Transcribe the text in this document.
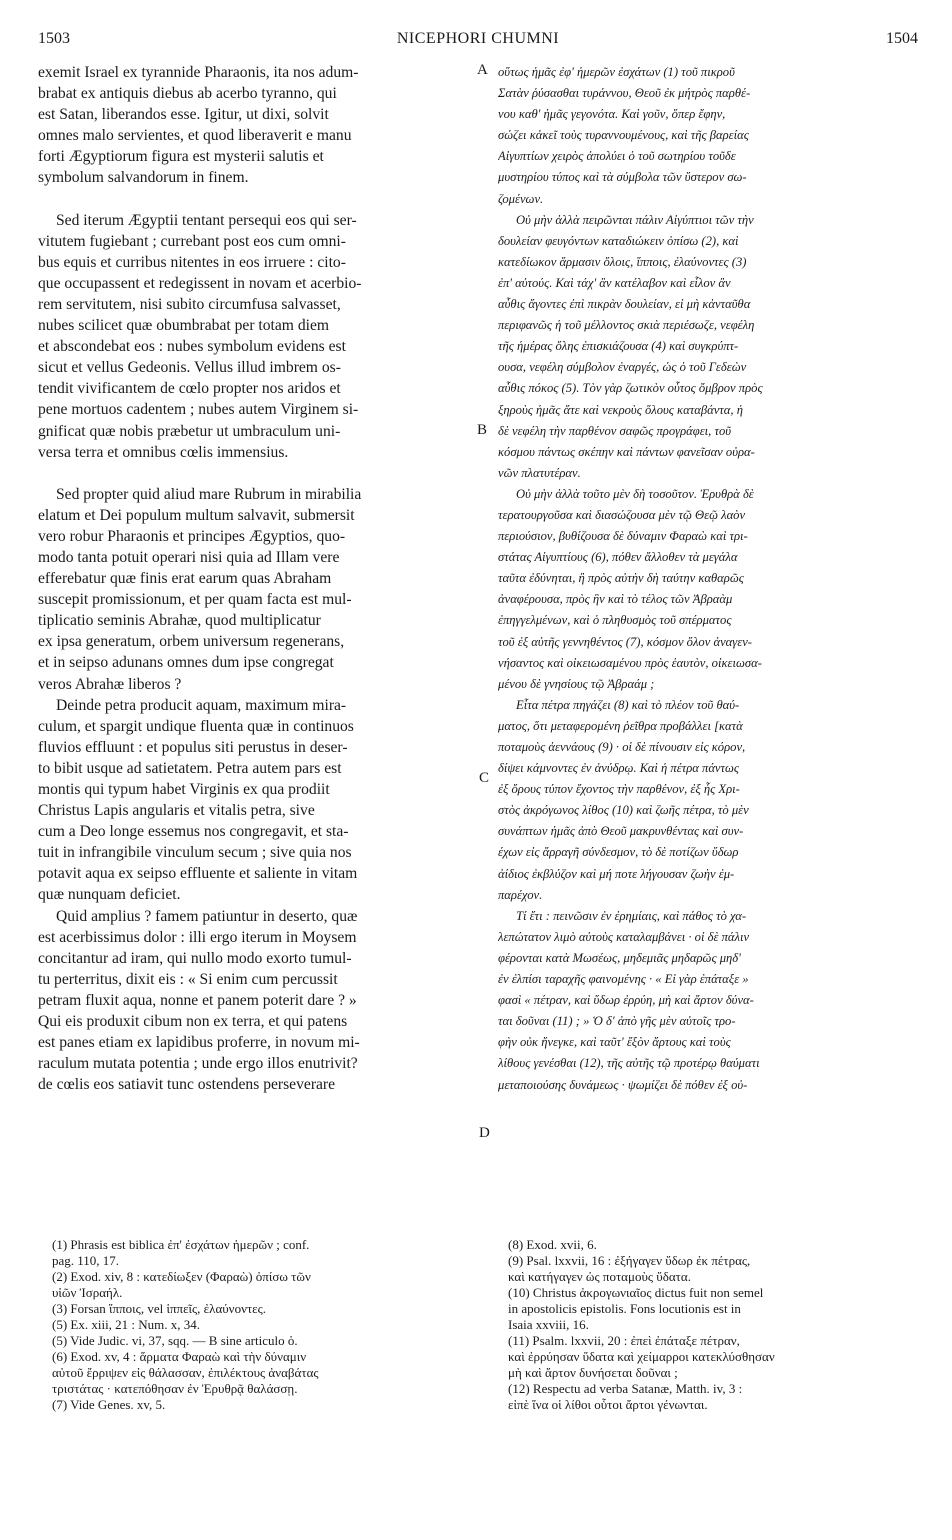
1503	NICEPHORI CHUMNI	1504
A
B
C
D
exemit Israel ex tyrannide Pharaonis, ita nos adum-
brabat ex antiquis diebus ab acerbo tyranno, qui
est Satan, liberandos esse. Igitur, ut dixi, solvit
omnes malo servientes, et quod liberaverit e manu
forti Ægyptiorum figura est mysterii salutis et
symbolum salvandorum in finem.
Sed iterum Ægyptii tentant persequi eos qui ser-
vitutem fugiebant ; currebant post eos cum omni-
bus equis et curribus nitentes in eos irruere : cito-
que occupassent et redegissent in novam et acerbio-
rem servitutem, nisi subito circumfusa salvasset,
nubes scilicet quæ obumbrabat per totam diem
et abscondebat eos : nubes symbolum evidens est
sicut et vellus Gedeonis. Vellus illud imbrem os-
tendit vivificantem de cœlo propter nos aridos et
pene mortuos cadentem ; nubes autem Virginem si-
gnificat quæ nobis præbetur ut umbraculum uni-
versa terra et omnibus cœlis immensius.
Sed propter quid aliud mare Rubrum in mirabilia
elatum et Dei populum multum salvavit, submersit
vero robur Pharaonis et principes Ægyptios, quo-
modo tanta potuit operari nisi quia ad Illam vere
efferebatur quæ finis erat earum quas Abraham
suscepit promissionum, et per quam facta est mul-
tiplicatio seminis Abrahæ, quod multiplicatur
ex ipsa generatum, orbem universum regenerans,
et in seipso adunans omnes dum ipse congregat
veros Abrahæ liberos ?
Deinde petra producit aquam, maximum mira-
culum, et spargit undique fluenta quæ in continuos
fluvios effluunt : et populus siti perustus in deser-
to bibit usque ad satietatem. Petra autem pars est
montis qui typum habet Virginis ex qua prodiit
Christus Lapis angularis et vitalis petra, sive
cum a Deo longe essemus nos congregavit, et sta-
tuit in infrangibile vinculum secum ; sive quia nos
potavit aqua ex seipso effluente et saliente in vitam
quæ nunquam deficiet.
Quid amplius ? famem patiuntur in deserto, quæ
est acerbissimus dolor : illi ergo iterum in Moysem
concitantur ad iram, qui nullo modo exorto tumul-
tu perterritus, dixit eis : « Si enim cum percussit
petram fluxit aqua, nonne et panem poterit dare ? »
Qui eis produxit cibum non ex terra, et qui patens
est panes etiam ex lapidibus proferre, in novum mi-
raculum mutata potentia ; unde ergo illos enutrivit?
de cœlis eos satiavit tunc ostendens perseverare
οὕτως ἡμᾶς ἐφ' ἡμερῶν ἐσχάτων (1) τοῦ πικροῦ
Σατὰν ῥύσασθαι τυράννου, Θεοῦ ἐκ μήτρὸς παρθέ-
νου καθ' ἡμᾶς γεγονότα. Καὶ γοῦν, ὅπερ ἔφην,
σώζει κἀκεῖ τοὺς τυραννουμένους, καὶ τῆς βαρείας
Αἰγυπτίων χειρὸς ἀπολύει ὁ τοῦ σωτηρίου τοῦδε
μυστηρίου τύπος καὶ τὰ σύμβολα τῶν ὕστερον σω-
ζομένων.
Οὐ μὴν ἀλλὰ πειρῶνται πάλιν Αἰγύπτιοι τῶν τὴν
δουλείαν φευγόντων καταδιώκειν ὀπίσω (2), καὶ
κατεδίωκον ἅρμασιν ὅλοις, ἵπποις, ἐλαύνοντες (3)
ἐπ' αὐτούς. Καὶ τάχ' ἂν κατέλαβον καὶ εἷλον ἂν
αὖθις ἄγοντες ἐπὶ πικρὰν δουλείαν, εἰ μὴ κἀνταῦθα
περιφανῶς ἡ τοῦ μέλλοντος σκιὰ περιέσωζε, νεφέλη
τῆς ἡμέρας ὅλης ἐπισκιάζουσα (4) καὶ συγκρύπτ-
ουσα, νεφέλη σύμβολον ἐναργές, ὡς ὁ τοῦ Γεδεὼν
αὖθις πόκος (5). Τὸν γὰρ ζωτικὸν οὗτος ὄμβρον πρὸς
ξηροὺς ἡμᾶς ἄτε καὶ νεκροὺς ὅλους καταβάντα, ἡ
δὲ νεφέλη τὴν παρθένον σαφῶς προγράφει, τοῦ
κόσμου πάντως σκέπην καὶ πάντων φανεῖσαν οὐρα-
νῶν πλατυτέραν.
Οὐ μὴν ἀλλὰ τοῦτο μὲν δὴ τοσοῦτον. Ἐρυθρὰ δὲ
τερατουργοῦσα καὶ διασώζουσα μὲν τῷ Θεῷ λαὸν
περιούσιον, βυθίζουσα δὲ δύναμιν Φαραὼ καὶ τρι-
στάτας Αἰγυπτίους (6), πόθεν ἄλλοθεν τὰ μεγάλα
ταῦτα ἐδύνηται, ἢ πρὸς αὐτὴν δὴ ταύτην καθαρῶς
ἀναφέρουσα, πρὸς ἣν καὶ τὸ τέλος τῶν Ἀβραὰμ
ἐπηγγελμένων, καὶ ὁ πληθυσμὸς τοῦ σπέρματος
τοῦ ἐξ αὐτῆς γεννηθέντος (7), κόσμον ὅλον ἀναγεν-
νήσαντος καὶ οἰκειωσαμένου πρὸς ἑαυτὸν, οἰκειωσα-
μένου δὲ γνησίους τῷ Ἀβραάμ ;
Εἶτα πέτρα πηγάζει (8) καὶ τὸ πλέον τοῦ θαύ-
ματος, ὅτι μεταφερομένη ῥεῖθρα προβάλλει [κατὰ
ποταμοὺς ἀεννάους (9) · οἱ δὲ πίνουσιν εἰς κόρον,
δίψει κάμνοντες ἐν ἀνύδρῳ. Καὶ ἡ πέτρα πάντως
ἐξ ὄρους τύπον ἔχοντος τὴν παρθένον, ἐξ ἧς Χρι-
στὸς ἀκρόγωνος λίθος (10) καὶ ζωῆς πέτρα, τὸ μὲν
συνάπτων ἡμᾶς ἀπὸ Θεοῦ μακρυνθέντας καὶ συν-
έχων εἰς ἄρραγῆ σύνδεσμον, τὸ δὲ ποτίζων ὕδωρ
ἀίδιος ἐκβλύζον καὶ μή ποτε λήγουσαν ζωὴν ἐμ-
παρέχον.
Τί ἔτι : πεινῶσιν ἐν ἐρημίαις, καὶ πάθος τὸ χα-
λεπώτατον λιμὸ αὐτοὺς καταλαμβάνει · οἱ δὲ πάλιν
φέρονται κατὰ Μωσέως, μηδεμιᾶς μηδαρῶς μηδ'
ἐν ἐλπίσι ταραχῆς φαινομένης · « Εἰ γὰρ ἐπάταξε »
φασὶ « πέτραν, καὶ ὕδωρ ἐρρύη, μὴ καὶ ἄρτον δύνα-
ται δοῦναι (11) ; » Ὁ δ' ἀπὸ γῆς μὲν αὐτοῖς τρο-
φὴν οὐκ ἤνεγκε, καὶ ταῦτ' ἔξὸν ἄρτους καὶ τοὺς
λίθους γενέσθαι (12), τῆς αὐτῆς τῷ προτέρῳ θαύματι
μεταποιούσης δυνάμεως · ψωμίζει δὲ πόθεν ἐξ οὐ-
(1) Phrasis est biblica ἐπ' ἐσχάτων ἡμερῶν ; conf.
pag. 110, 17.
(2) Exod. xiv, 8 : κατεδίωξεν (Φαραὼ) ὀπίσω τῶν
υἱῶν Ἰσραήλ.
(3) Forsan ἵπποις, vel ἱππεῖς, ἐλαύνοντες.
(5) Ex. xiii, 21 : Num. x, 34.
(5) Vide Judic. vi, 37, sqq. — B sine articulo ὁ.
(6) Exod. xv, 4 : ἅρματα Φαραὼ καὶ τὴν δύναμιν
αὐτοῦ ἔρριψεν εἰς θάλασσαν, ἐπιλέκτους ἀναβάτας
τριστάτας · κατεπόθησαν ἐν Ἐρυθρᾷ θαλάσσῃ.
(7) Vide Genes. xv, 5.
(8) Exod. xvii, 6.
(9) Psal. lxxvii, 16 : ἐξήγαγεν ὕδωρ ἐκ πέτρας,
καὶ κατήγαγεν ὡς ποταμοὺς ὕδατα.
(10) Christus ἀκρογωνιαῖος dictus fuit non semel
in apostolicis epistolis. Fons locutionis est in
Isaia xxviii, 16.
(11) Psalm. lxxvii, 20 : ἐπεὶ ἐπάταξε πέτραν,
καὶ ἐρρύησαν ὕδατα καὶ χείμαρροι κατεκλύσθησαν
μὴ καὶ ἄρτον δυνήσεται δοῦναι ;
(12) Respectu ad verba Satanæ, Matth. iv, 3 :
εἰπὲ ἵνα οἱ λίθοι οὗτοι ἄρτοι γένωνται.
